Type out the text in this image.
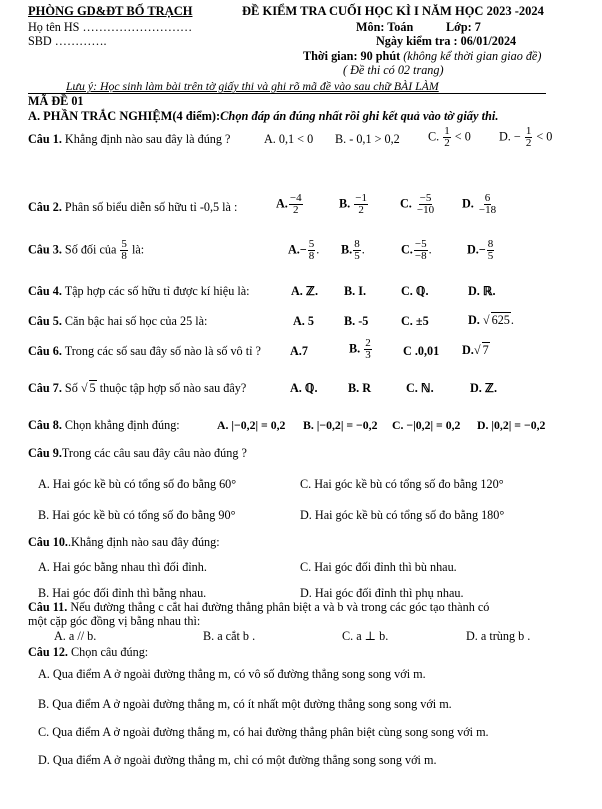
PHÒNG GD&ĐT BỐ TRẠCH	ĐỀ KIỂM TRA CUỐI HỌC KÌ I NĂM HỌC 2023 -2024
Họ tên HS ………………………	Môn: Toán	Lớp: 7
SBD ………….	Ngày kiểm tra : 06/01/2024
Thời gian: 90 phút (không kể thời gian giao đề)
( Đề thi có 02 trang)
Lưu ý: Học sinh làm bài trên tờ giấy thi và ghi rõ mã đề vào sau chữ BÀI LÀM
MÃ ĐỀ 01
A. PHẦN TRẮC NGHIỆM(4 điểm):Chọn đáp án đúng nhất rồi ghi kết quả vào tờ giấy thi.
Câu 1. Khẳng định nào sau đây là đúng ?	A. 0,1 < 0 B. - 0,1 > 0,2 C. $\frac{1}{2} < 0$ D. − $\frac{1}{2} < 0$
Câu 2. Phân số biểu diễn số hữu tỉ -0,5 là :	A. $\frac{-4}{2}$	B. $\frac{-1}{2}$	C. $\frac{-5}{-10} D$. $\frac{6}{-18}$
Câu 3. Số đối của $\frac{5}{8}$ là:	$A.- \frac{5}{8}$ . B. $\frac{8}{5}$ .	C. $\frac{-5}{-8}$ .	$D.- \frac{8}{5}$
Câu 4. Tập hợp các số hữu tỉ được kí hiệu là:	A. ℤ. B. I.	C. ℚ.	D. ℝ.
Câu 5. Căn bậc hai số học của 25 là:	A. 5 B. -5	C. ±5	D. √ 625.
Câu 6. Trong các số sau đây số nào là số vô tỉ ? A.7	B. $\frac{2}{3}$	C .0,01 D.√ 7
Câu 7. Số √ 5 thuộc tập hợp số nào sau đây?	A. ℚ. B. R	C. ℕ.	D. ℤ.
Câu 8. Chọn khẳng định đúng:	A. |−0,2| = 0,2 B. |−0,2| = −0,2 C. −|0,2| = 0,2 D. |0,2| = −0,2
Câu 9.Trong các câu sau đây câu nào đúng ?
A. Hai góc kề bù có tổng số đo bằng 60°	C. Hai góc kề bù có tổng số đo bằng 120°
B. Hai góc kề bù có tổng số đo bằng 90°	D. Hai góc kề bù có tổng số đo bằng 180°
Câu 10..Khẳng định nào sau đây đúng:
A. Hai góc bằng nhau thì đối đỉnh.	C. Hai góc đối đỉnh thì bù nhau.
B. Hai góc đối đỉnh thì bằng nhau.	D. Hai góc đối đỉnh thì phụ nhau.
Câu 11. Nếu đường thẳng c cắt hai đường thẳng phân biệt a và b và trong các góc tạo thành có
một cặp góc đồng vị bằng nhau thì:
A. a // b.	B. a cắt b .	C. a ⊥ b.	D. a trùng b .
Câu 12. Chọn câu đúng:
A. Qua điểm A ở ngoài đường thẳng m, có vô số đường thẳng song song với m.
B. Qua điểm A ở ngoài đường thẳng m, có ít nhất một đường thẳng song song với m.
C. Qua điểm A ở ngoài đường thẳng m, có hai đường thẳng phân biệt cùng song song với m.
D. Qua điểm A ở ngoài đường thẳng m, chỉ có một đường thẳng song song với m.
